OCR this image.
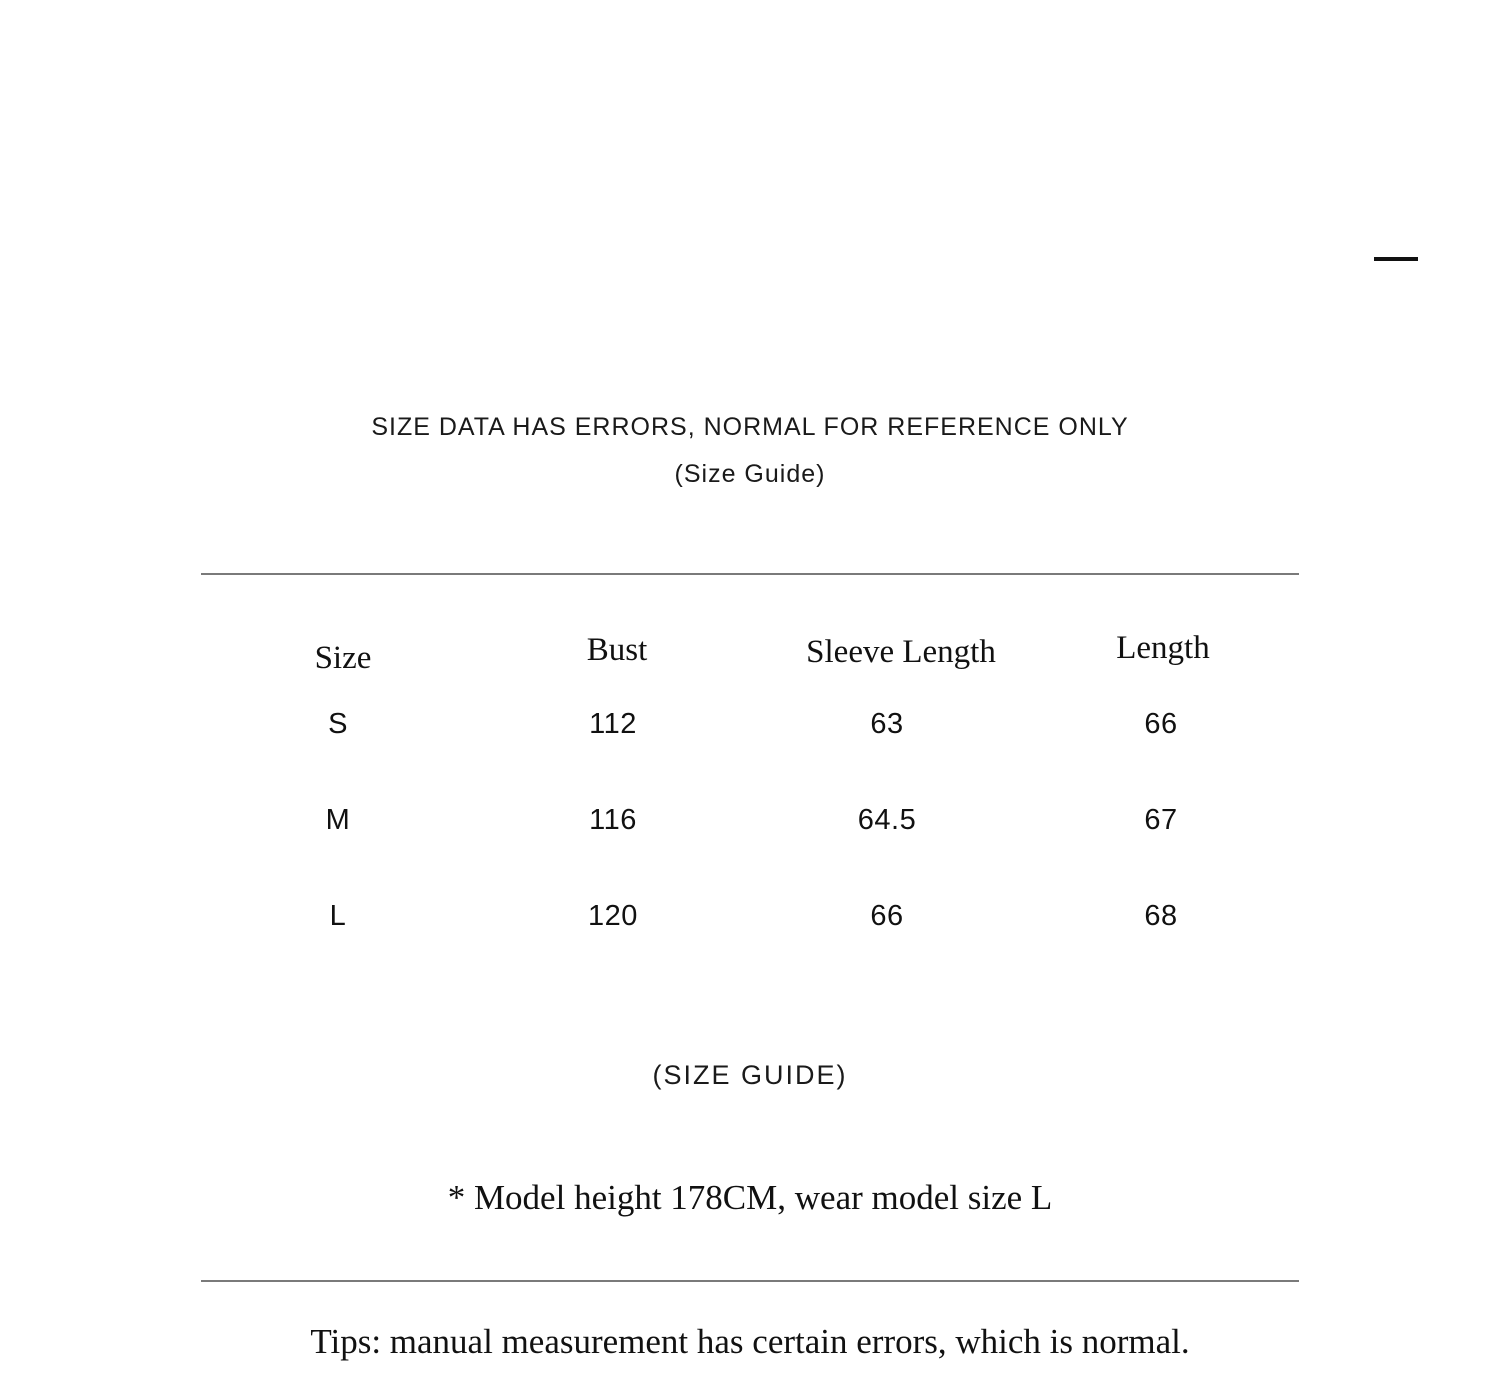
SIZE DATA HAS ERRORS, NORMAL FOR REFERENCE ONLY
(Size Guide)
Size	Bust	Sleeve Length	Length
S	112	63	66
M	116	64.5	67
L	120	66	68
(SIZE GUIDE)
* Model height 178CM, wear model size L
Tips: manual measurement has certain errors, which is normal.
